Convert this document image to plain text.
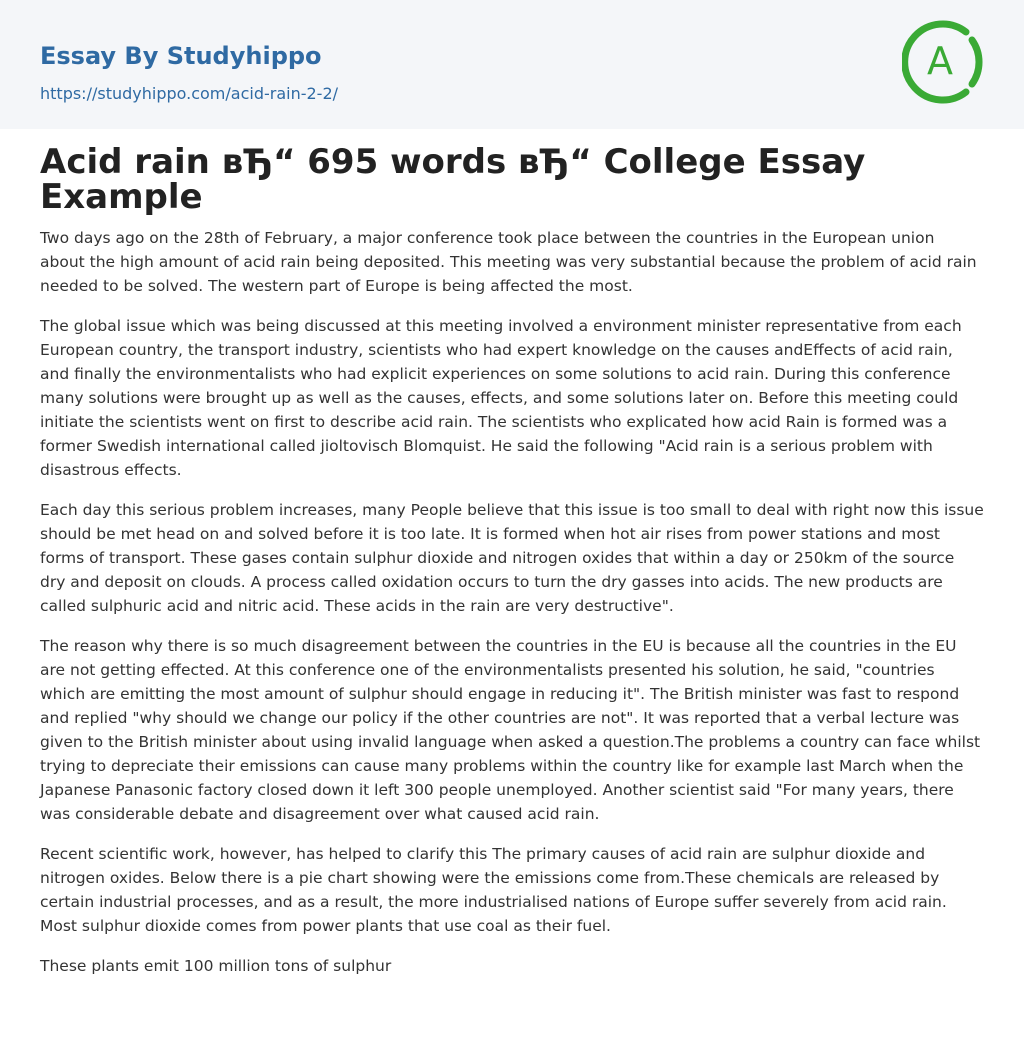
Essay By Studyhippo
https://studyhippo.com/acid-rain-2-2/
A
Acid rain вЂ“ 695 words вЂ“ College Essay Example

Two days ago on the 28th of February, a major conference took place between the countries in the European union about the high amount of acid rain being deposited. This meeting was very substantial because the problem of acid rain needed to be solved. The western part of Europe is being affected the most.

The global issue which was being discussed at this meeting involved a environment minister representative from each European country, the transport industry, scientists who had expert knowledge on the causes andEffects of acid rain, and finally the environmentalists who had explicit experiences on some solutions to acid rain. During this conference many solutions were brought up as well as the causes, effects, and some solutions later on. Before this meeting could initiate the scientists went on first to describe acid rain. The scientists who explicated how acid Rain is formed was a former Swedish international called jioltovisch Blomquist. He said the following "Acid rain is a serious problem with disastrous effects.

Each day this serious problem increases, many People believe that this issue is too small to deal with right now this issue should be met head on and solved before it is too late. It is formed when hot air rises from power stations and most forms of transport. These gases contain sulphur dioxide and nitrogen oxides that within a day or 250km of the source dry and deposit on clouds. A process called oxidation occurs to turn the dry gasses into acids. The new products are called sulphuric acid and nitric acid. These acids in the rain are very destructive".

The reason why there is so much disagreement between the countries in the EU is because all the countries in the EU are not getting effected. At this conference one of the environmentalists presented his solution, he said, "countries which are emitting the most amount of sulphur should engage in reducing it". The British minister was fast to respond and replied "why should we change our policy if the other countries are not". It was reported that a verbal lecture was given to the British minister about using invalid language when asked a question.The problems a country can face whilst trying to depreciate their emissions can cause many problems within the country like for example last March when the Japanese Panasonic factory closed down it left 300 people unemployed. Another scientist said "For many years, there was considerable debate and disagreement over what caused acid rain.

Recent scientific work, however, has helped to clarify this The primary causes of acid rain are sulphur dioxide and nitrogen oxides. Below there is a pie chart showing were the emissions come from.These chemicals are released by certain industrial processes, and as a result, the more industrialised nations of Europe suffer severely from acid rain. Most sulphur dioxide comes from power plants that use coal as their fuel.

These plants emit 100 million tons of sulphur
